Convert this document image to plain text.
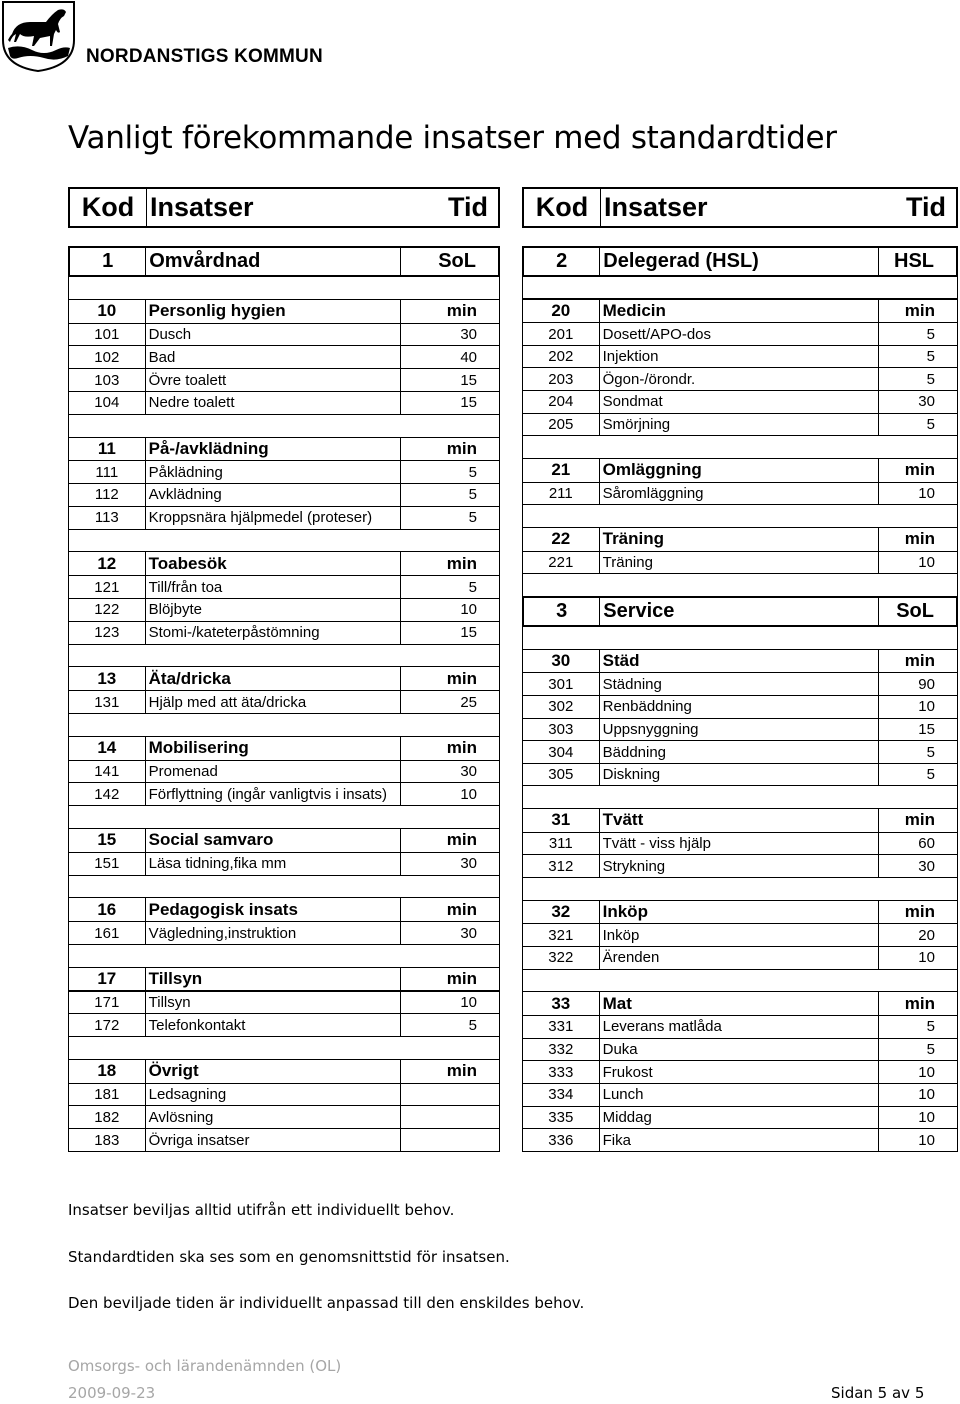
NORDANSTIGS KOMMUN
Vanligt förekommande insatser med standardtider
Kod Insatser	Tid	Kod Insatser	Tid
1	Omvårdnad	SoL
10	Personlig hygien	min
101	Dusch	30
102	Bad	40
103	Övre toalett	15
104	Nedre toalett	15
11	På-/avklädning	min
111	Påklädning	5
112	Avklädning	5
113	Kroppsnära hjälpmedel (proteser)	5
12	Toabesök	min
121	Till/från toa	5
122	Blöjbyte	10
123	Stomi-/kateterpåstömning	15
13	Äta/dricka	min
131	Hjälp med att äta/dricka	25
14	Mobilisering	min
141	Promenad	30
142	Förflyttning (ingår vanligtvis i insats)	10
15	Social samvaro	min
151	Läsa tidning,fika mm	30
16	Pedagogisk insats	min
161	Vägledning,instruktion	30
17	Tillsyn	min
171	Tillsyn	10
172	Telefonkontakt	5
18	Övrigt	min
181	Ledsagning
182	Avlösning
183	Övriga insatser
2	Delegerad (HSL)	HSL
20	Medicin	min
201	Dosett/APO-dos	5
202	Injektion	5
203	Ögon-/örondr.	5
204	Sondmat	30
205	Smörjning	5
21	Omläggning	min
211	Såromläggning	10
22	Träning	min
221	Träning	10
3	Service	SoL
30	Städ	min
301	Städning	90
302	Renbäddning	10
303	Uppsnyggning	15
304	Bäddning	5
305	Diskning	5
31	Tvätt	min
311	Tvätt - viss hjälp	60
312	Strykning	30
32	Inköp	min
321	Inköp	20
322	Ärenden	10
33	Mat	min
331	Leverans matlåda	5
332	Duka	5
333	Frukost	10
334	Lunch	10
335	Middag	10
336	Fika	10
Insatser beviljas alltid utifrån ett individuellt behov.
Standardtiden ska ses som en genomsnittstid för insatsen.
Den beviljade tiden är individuellt anpassad till den enskildes behov.
Omsorgs- och lärandenämnden (OL)
2009-09-23	Sidan 5 av 5
